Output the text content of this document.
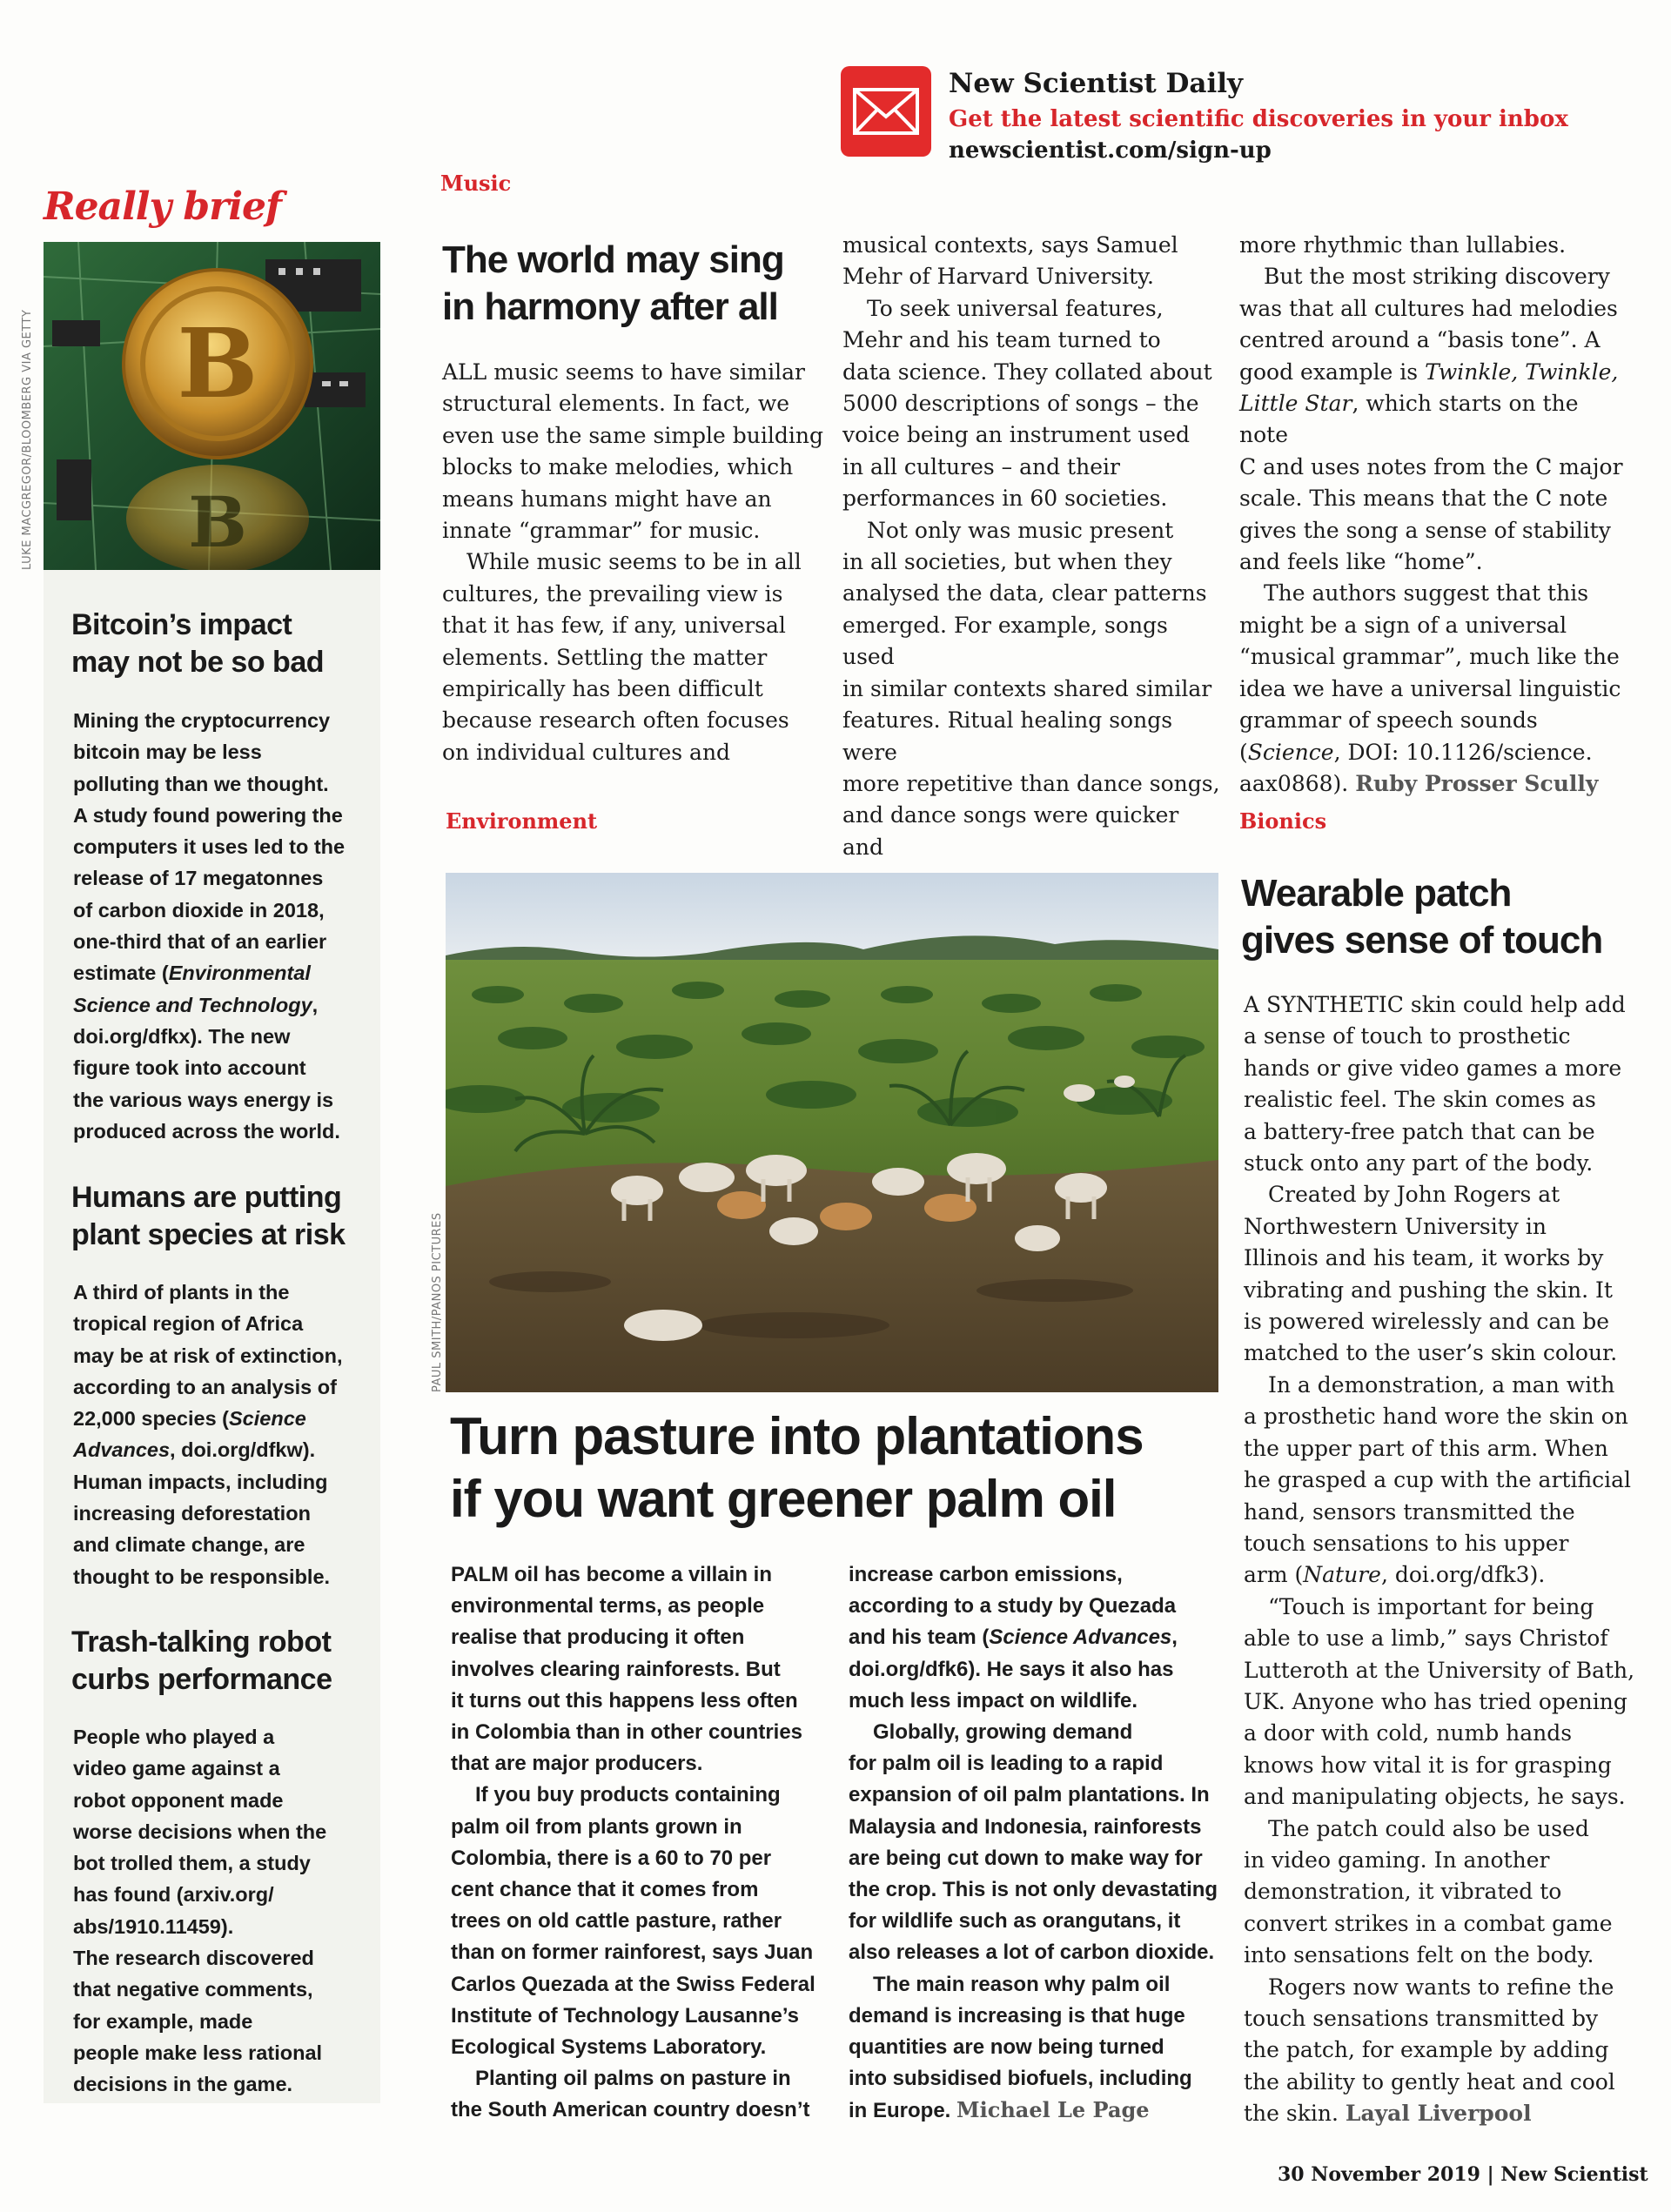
New Scientist Daily
Get the latest scientific discoveries in your inbox
newscientist.com/sign-up
Really brief
B
B
LUKE MACGREGOR/BLOOMBERG VIA GETTY
Bitcoin’s impact
may not be so bad
Mining the cryptocurrency
bitcoin may be less
polluting than we thought.
A study found powering the
computers it uses led to the
release of 17 megatonnes
of carbon dioxide in 2018,
one-third that of an earlier
estimate (Environmental
Science and Technology,
doi.org/dfkx). The new
figure took into account
the various ways energy is
produced across the world.
Humans are putting
plant species at risk
A third of plants in the
tropical region of Africa
may be at risk of extinction,
according to an analysis of
22,000 species (Science
Advances, doi.org/dfkw).
Human impacts, including
increasing deforestation
and climate change, are
thought to be responsible.
Trash-talking robot
curbs performance
People who played a
video game against a
robot opponent made
worse decisions when the
bot trolled them, a study
has found (arxiv.org/
abs/1910.11459).
The research discovered
that negative comments,
for example, made
people make less rational
decisions in the game.
Music
The world may sing
in harmony after all
ALL music seems to have similar
structural elements. In fact, we
even use the same simple building
blocks to make melodies, which
means humans might have an
innate “grammar” for music.
While music seems to be in all
cultures, the prevailing view is
that it has few, if any, universal
elements. Settling the matter
empirically has been difficult
because research often focuses
on individual cultures and
musical contexts, says Samuel
Mehr of Harvard University.
To seek universal features,
Mehr and his team turned to
data science. They collated about
5000 descriptions of songs – the
voice being an instrument used
in all cultures – and their
performances in 60 societies.
Not only was music present
in all societies, but when they
analysed the data, clear patterns
emerged. For example, songs used
in similar contexts shared similar
features. Ritual healing songs were
more repetitive than dance songs,
and dance songs were quicker and
more rhythmic than lullabies.
But the most striking discovery
was that all cultures had melodies
centred around a “basis tone”. A
good example is Twinkle, Twinkle,
Little Star, which starts on the note
C and uses notes from the C major
scale. This means that the C note
gives the song a sense of stability
and feels like “home”.
The authors suggest that this
might be a sign of a universal
“musical grammar”, much like the
idea we have a universal linguistic
grammar of speech sounds
(Science, DOI: 10.1126/science.
aax0868). Ruby Prosser Scully
Environment
PAUL SMITH/PANOS PICTURES
Turn pasture into plantations
if you want greener palm oil
PALM oil has become a villain in
environmental terms, as people
realise that producing it often
involves clearing rainforests. But
it turns out this happens less often
in Colombia than in other countries
that are major producers.
If you buy products containing
palm oil from plants grown in
Colombia, there is a 60 to 70 per
cent chance that it comes from
trees on old cattle pasture, rather
than on former rainforest, says Juan
Carlos Quezada at the Swiss Federal
Institute of Technology Lausanne’s
Ecological Systems Laboratory.
Planting oil palms on pasture in
the South American country doesn’t
increase carbon emissions,
according to a study by Quezada
and his team (Science Advances,
doi.org/dfk6). He says it also has
much less impact on wildlife.
Globally, growing demand
for palm oil is leading to a rapid
expansion of oil palm plantations. In
Malaysia and Indonesia, rainforests
are being cut down to make way for
the crop. This is not only devastating
for wildlife such as orangutans, it
also releases a lot of carbon dioxide.
The main reason why palm oil
demand is increasing is that huge
quantities are now being turned
into subsidised biofuels, including
in Europe. Michael Le Page
Bionics
Wearable patch
gives sense of touch
A SYNTHETIC skin could help add
a sense of touch to prosthetic
hands or give video games a more
realistic feel. The skin comes as
a battery-free patch that can be
stuck onto any part of the body.
Created by John Rogers at
Northwestern University in
Illinois and his team, it works by
vibrating and pushing the skin. It
is powered wirelessly and can be
matched to the user’s skin colour.
In a demonstration, a man with
a prosthetic hand wore the skin on
the upper part of this arm. When
he grasped a cup with the artificial
hand, sensors transmitted the
touch sensations to his upper
arm (Nature, doi.org/dfk3).
“Touch is important for being
able to use a limb,” says Christof
Lutteroth at the University of Bath,
UK. Anyone who has tried opening
a door with cold, numb hands
knows how vital it is for grasping
and manipulating objects, he says.
The patch could also be used
in video gaming. In another
demonstration, it vibrated to
convert strikes in a combat game
into sensations felt on the body.
Rogers now wants to refine the
touch sensations transmitted by
the patch, for example by adding
the ability to gently heat and cool
the skin. Layal Liverpool
30 November 2019 | New Scientist
